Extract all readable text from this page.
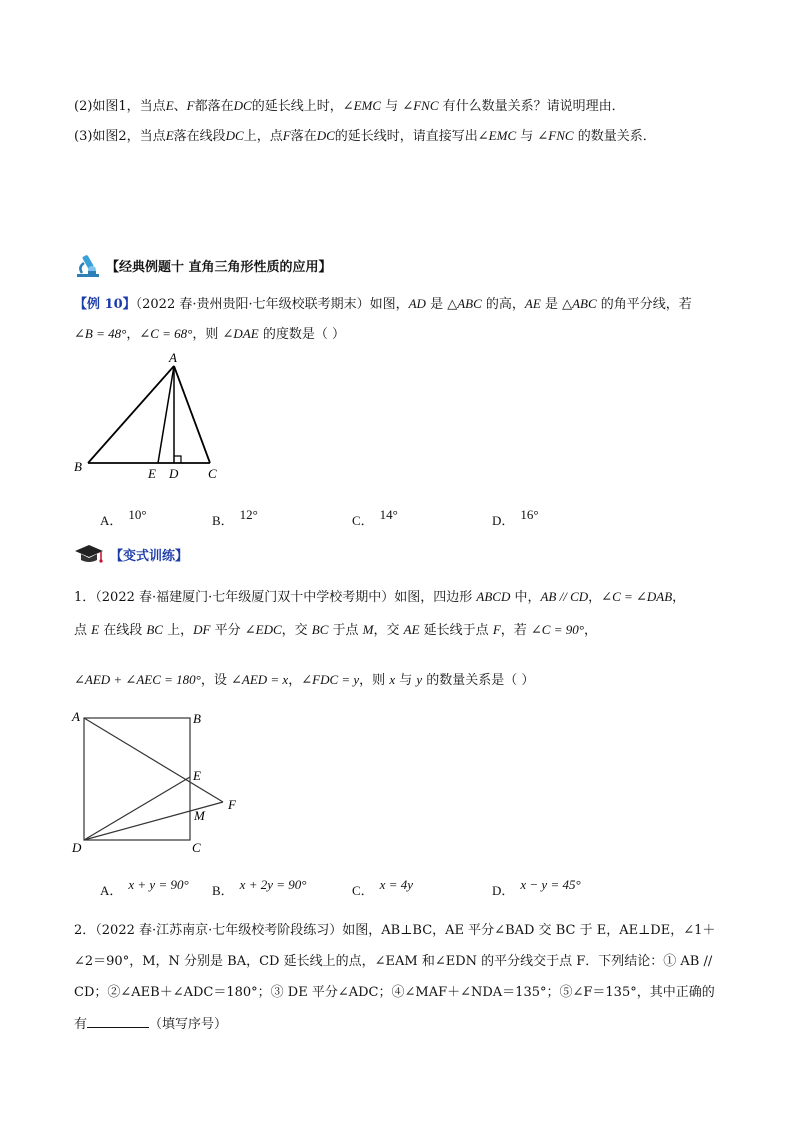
(2)如图1，当点E、F都落在DC的延长线上时，∠EMC 与 ∠FNC 有什么数量关系？请说明理由．
(3)如图2，当点E落在线段DC上，点F落在DC的延长线时，请直接写出∠EMC 与 ∠FNC 的数量关系．
【经典例题十 直角三角形性质的应用】
【例 10】（2022 春·贵州贵阳·七年级校联考期末）如图，AD 是 △ABC 的高，AE 是 △ABC 的角平分线，若
∠B = 48°，∠C = 68°，则 ∠DAE 的度数是（ ）
A
B	C
D
E
A． 10°	B． 12°	C． 14°	D． 16°
【变式训练】
1．（2022 春·福建厦门·七年级厦门双十中学校考期中）如图，四边形 ABCD 中，AB // CD，∠C = ∠DAB，
点 E 在线段 BC 上，DF 平分 ∠EDC，交 BC 于点 M，交 AE 延长线于点 F，若 ∠C = 90°，
∠AED + ∠AEC = 180°，设 ∠AED = x，∠FDC = y，则 x 与 y 的数量关系是（ ）
A	B
E
F
M
D	C
A． x + y = 90° B． x + 2y = 90°	C． x = 4y	D． x − y = 45°
2．（2022 春·江苏南京·七年级校考阶段练习）如图，AB⊥BC，AE 平分∠BAD 交 BC 于 E，AE⊥DE，∠1＋
∠2＝90°，M，N 分别是 BA，CD 延长线上的点，∠EAM 和∠EDN 的平分线交于点 F．下列结论：① AB //
CD；②∠AEB＋∠ADC＝180°；③ DE 平分∠ADC；④∠MAF＋∠NDA＝135°；⑤∠F＝135°，其中正确的
有	（填写序号）
